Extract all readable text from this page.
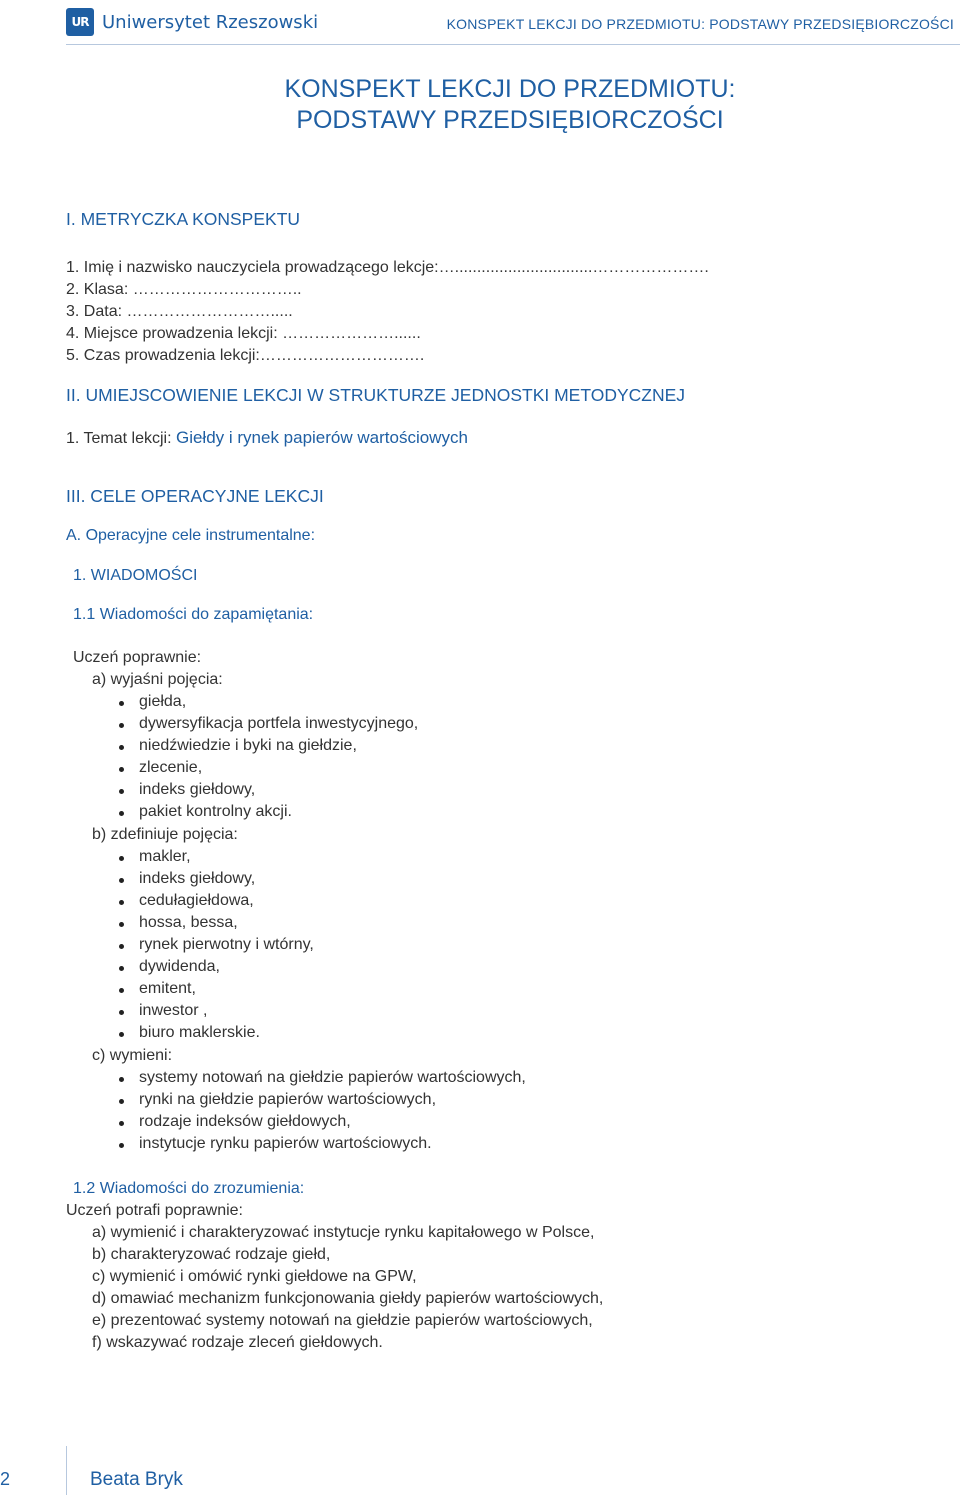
UR Uniwersytet Rzeszowski	KONSPEKT LEKCJI DO PRZEDMIOTU: PODSTAWY PRZEDSIĘBIORCZOŚCI
KONSPEKT LEKCJI DO PRZEDMIOTU:
PODSTAWY PRZEDSIĘBIORCZOŚCI
I. METRYCZKA KONSPEKTU
1. Imię i nazwisko nauczyciela prowadzącego lekcje:…...............................………………….
2. Klasa: …………………………..
3. Data: ……………………….....
4. Miejsce prowadzenia lekcji: …………………......
5. Czas prowadzenia lekcji:………………………….
II. UMIEJSCOWIENIE LEKCJI W STRUKTURZE JEDNOSTKI METODYCZNEJ
1. Temat lekcji: Giełdy i rynek papierów wartościowych
III. CELE OPERACYJNE LEKCJI
A. Operacyjne cele instrumentalne:
1. WIADOMOŚCI
1.1 Wiadomości do zapamiętania:
Uczeń poprawnie:
a) wyjaśni pojęcia:
giełda,
dywersyfikacja portfela inwestycyjnego,
niedźwiedzie i byki na giełdzie,
zlecenie,
indeks giełdowy,
pakiet kontrolny akcji.
b) zdefiniuje pojęcia:
makler,
indeks giełdowy,
cedułagiełdowa,
hossa, bessa,
rynek pierwotny i wtórny,
dywidenda,
emitent,
inwestor ,
biuro maklerskie.
c) wymieni:
systemy notowań na giełdzie papierów wartościowych,
rynki na giełdzie papierów wartościowych,
rodzaje indeksów giełdowych,
instytucje rynku papierów wartościowych.
1.2 Wiadomości do zrozumienia:
Uczeń potrafi poprawnie:
a) wymienić i charakteryzować instytucje rynku kapitałowego w Polsce,
b) charakteryzować rodzaje giełd,
c) wymienić i omówić rynki giełdowe na GPW,
d) omawiać mechanizm funkcjonowania giełdy papierów wartościowych,
e) prezentować systemy notowań na giełdzie papierów wartościowych,
f) wskazywać rodzaje zleceń giełdowych.
2	Beata Bryk
